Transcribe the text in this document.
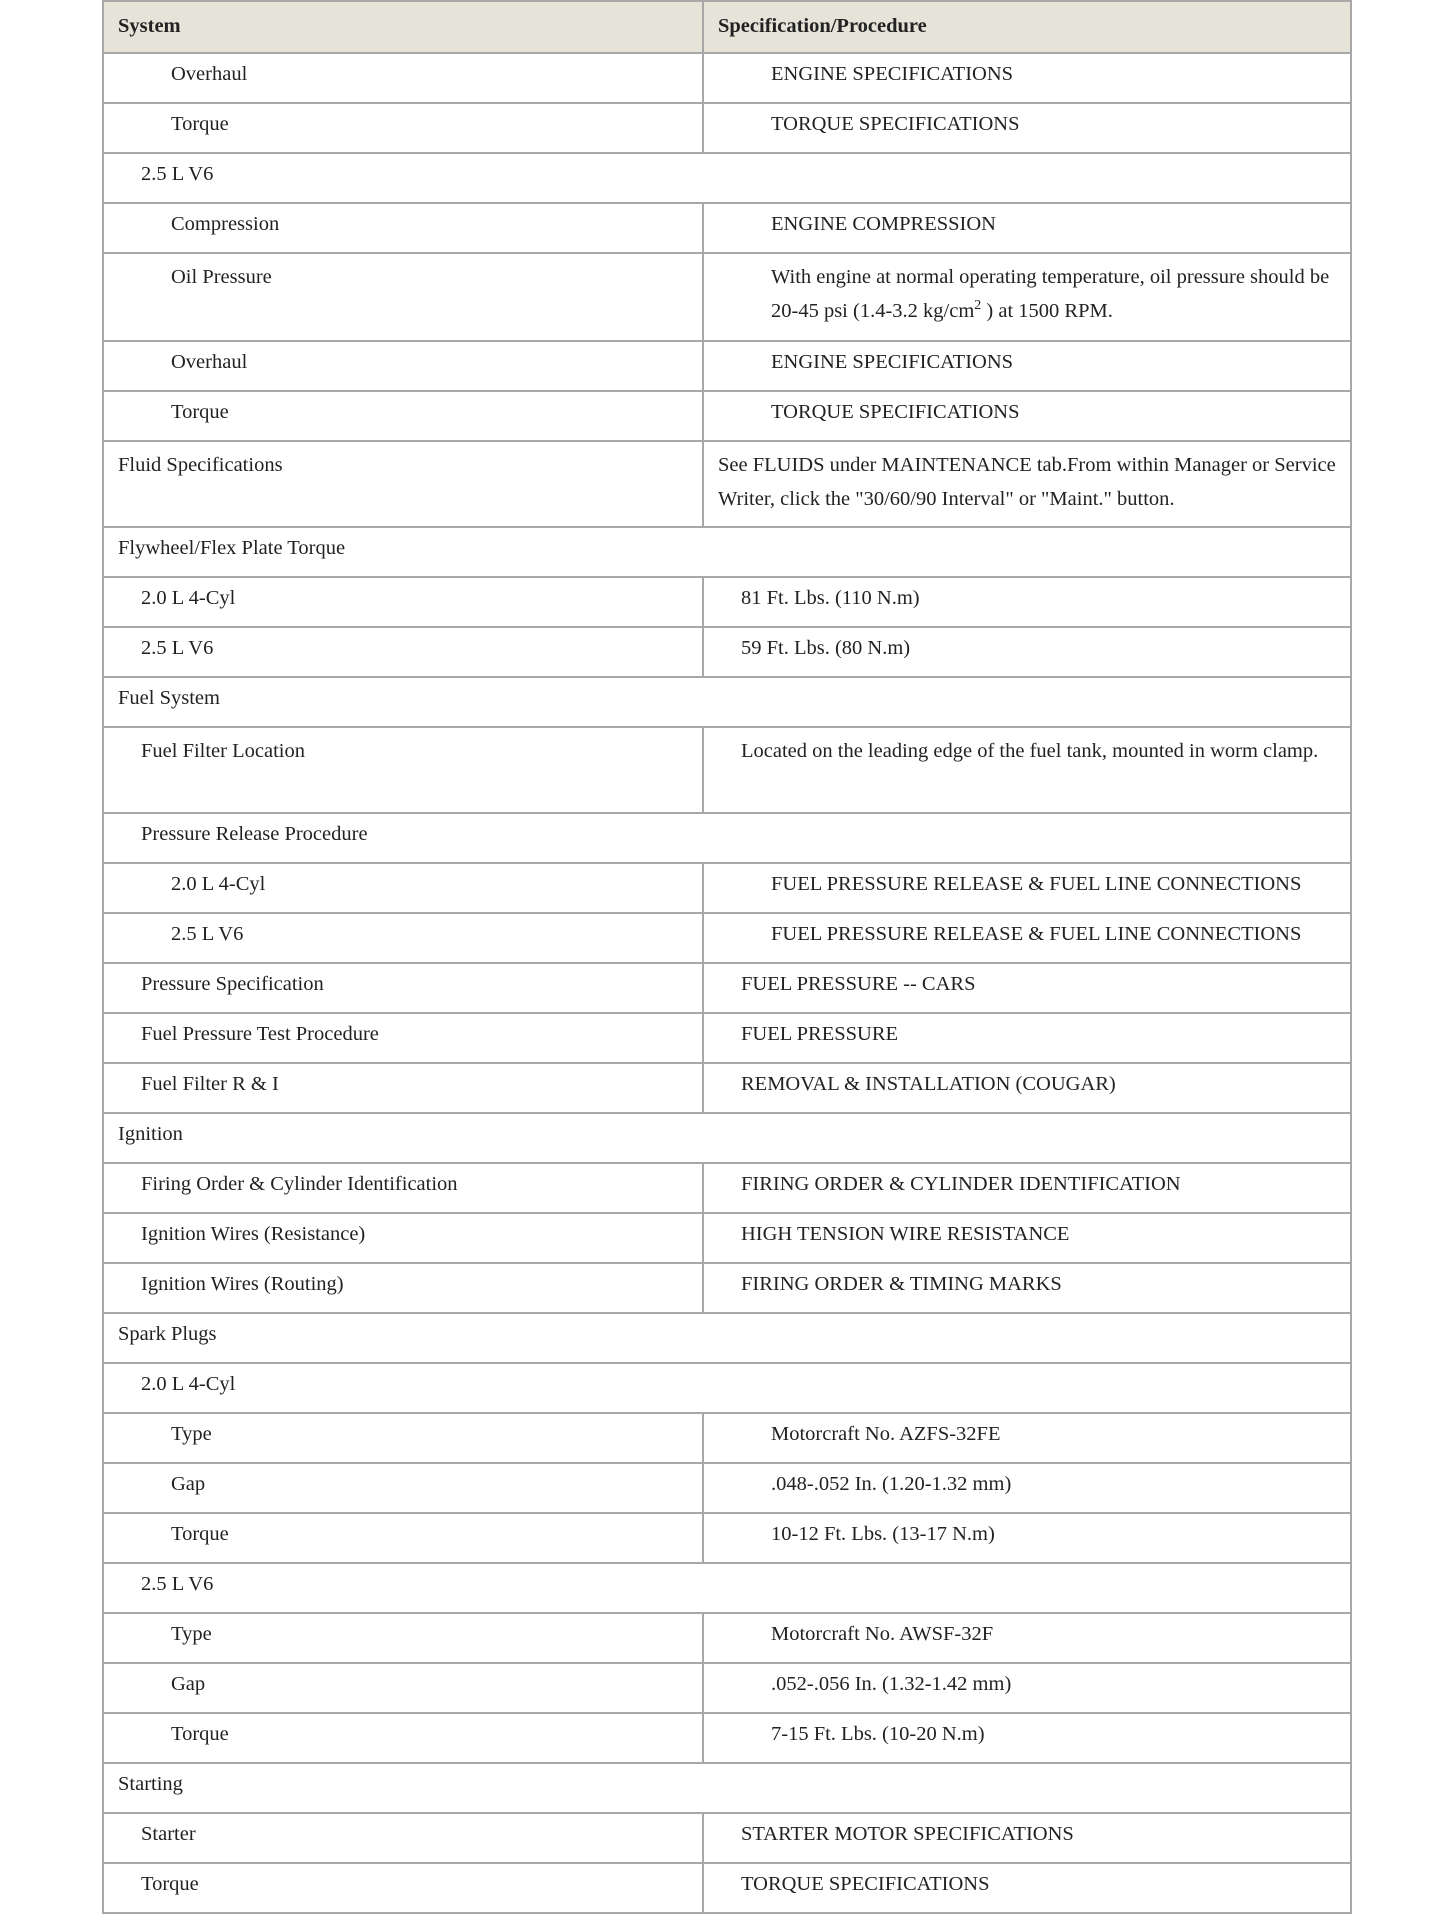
System	Specification/Procedure
Overhaul	ENGINE SPECIFICATIONS
Torque	TORQUE SPECIFICATIONS
2.5 L V6	
Compression	ENGINE COMPRESSION
Oil Pressure	With engine at normal operating temperature, oil pressure should be 20-45 psi (1.4-3.2 $kg/cm^2$ ) at 1500 RPM.
Overhaul	ENGINE SPECIFICATIONS
Torque	TORQUE SPECIFICATIONS
Fluid Specifications	See FLUIDS under MAINTENANCE tab.From within Manager or Service Writer, click the "30/60/90 Interval" or "Maint." button.
Flywheel/Flex Plate Torque	
2.0 L 4-Cyl	81 Ft. Lbs. (110 N.m)
2.5 L V6	59 Ft. Lbs. (80 N.m)
Fuel System	
Fuel Filter Location	Located on the leading edge of the fuel tank, mounted in worm clamp.
Pressure Release Procedure	
2.0 L 4-Cyl	FUEL PRESSURE RELEASE & FUEL LINE CONNECTIONS
2.5 L V6	FUEL PRESSURE RELEASE & FUEL LINE CONNECTIONS
Pressure Specification	FUEL PRESSURE -- CARS
Fuel Pressure Test Procedure	FUEL PRESSURE
Fuel Filter R & I	REMOVAL & INSTALLATION (COUGAR)
Ignition	
Firing Order & Cylinder Identification	FIRING ORDER & CYLINDER IDENTIFICATION
Ignition Wires (Resistance)	HIGH TENSION WIRE RESISTANCE
Ignition Wires (Routing)	FIRING ORDER & TIMING MARKS
Spark Plugs	
2.0 L 4-Cyl	
Type	Motorcraft No. AZFS-32FE
Gap	.048-.052 In. (1.20-1.32 mm)
Torque	10-12 Ft. Lbs. (13-17 N.m)
2.5 L V6	
Type	Motorcraft No. AWSF-32F
Gap	.052-.056 In. (1.32-1.42 mm)
Torque	7-15 Ft. Lbs. (10-20 N.m)
Starting	
Starter	STARTER MOTOR SPECIFICATIONS
Torque	TORQUE SPECIFICATIONS
